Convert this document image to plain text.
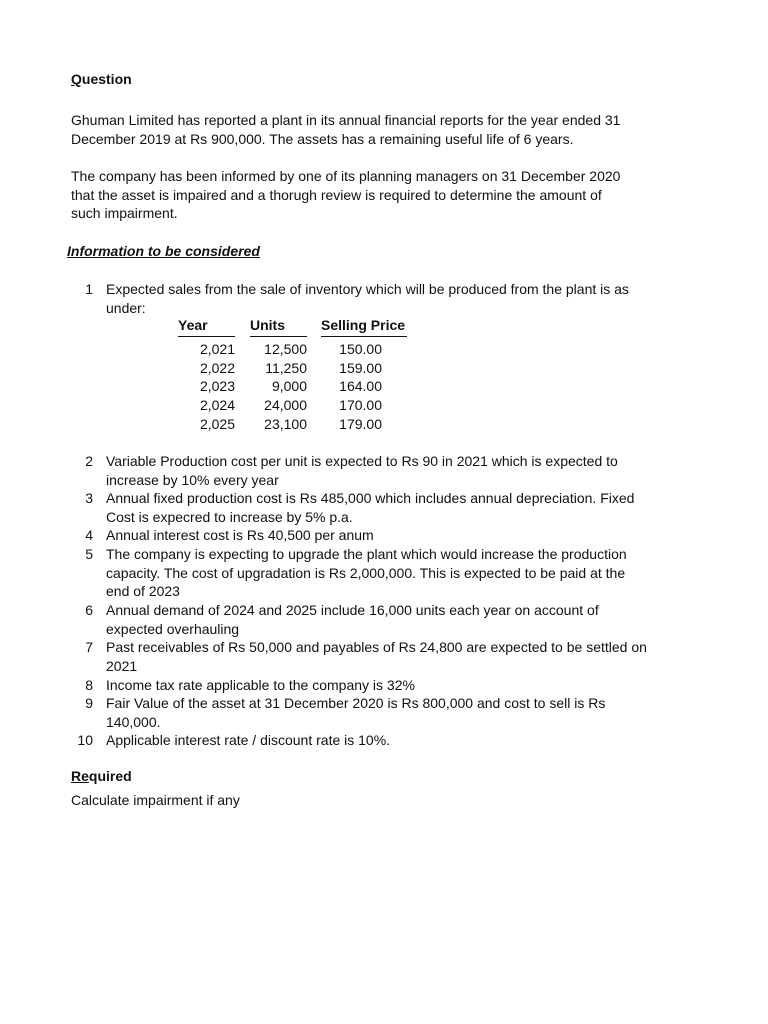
Question
Ghuman Limited has reported a plant in its annual financial reports for the year ended 31
December 2019 at Rs 900,000. The assets has a remaining useful life of 6 years.
The company has been informed by one of its planning managers on 31 December 2020
that the asset is impaired and a thorugh review is required to determine the amount of
such impairment.
Information to be considered
1 Expected sales from the sale of inventory which will be produced from the plant is as
under:
Year	Units	Selling Price
2,021	12,500	150.00
2,022	11,250	159.00
2,023	9,000	164.00
2,024	24,000	170.00
2,025	23,100	179.00
2 Variable Production cost per unit is expected to Rs 90 in 2021 which is expected to
increase by 10% every year
3 Annual fixed production cost is Rs 485,000 which includes annual depreciation. Fixed
Cost is expecred to increase by 5% p.a.
4 Annual interest cost is Rs 40,500 per anum
5 The company is expecting to upgrade the plant which would increase the production
capacity. The cost of upgradation is Rs 2,000,000. This is expected to be paid at the
end of 2023
6 Annual demand of 2024 and 2025 include 16,000 units each year on account of
expected overhauling
7 Past receivables of Rs 50,000 and payables of Rs 24,800 are expected to be settled on
2021
8 Income tax rate applicable to the company is 32%
9 Fair Value of the asset at 31 December 2020 is Rs 800,000 and cost to sell is Rs
140,000.
10 Applicable interest rate / discount rate is 10%.
Required
Calculate impairment if any
